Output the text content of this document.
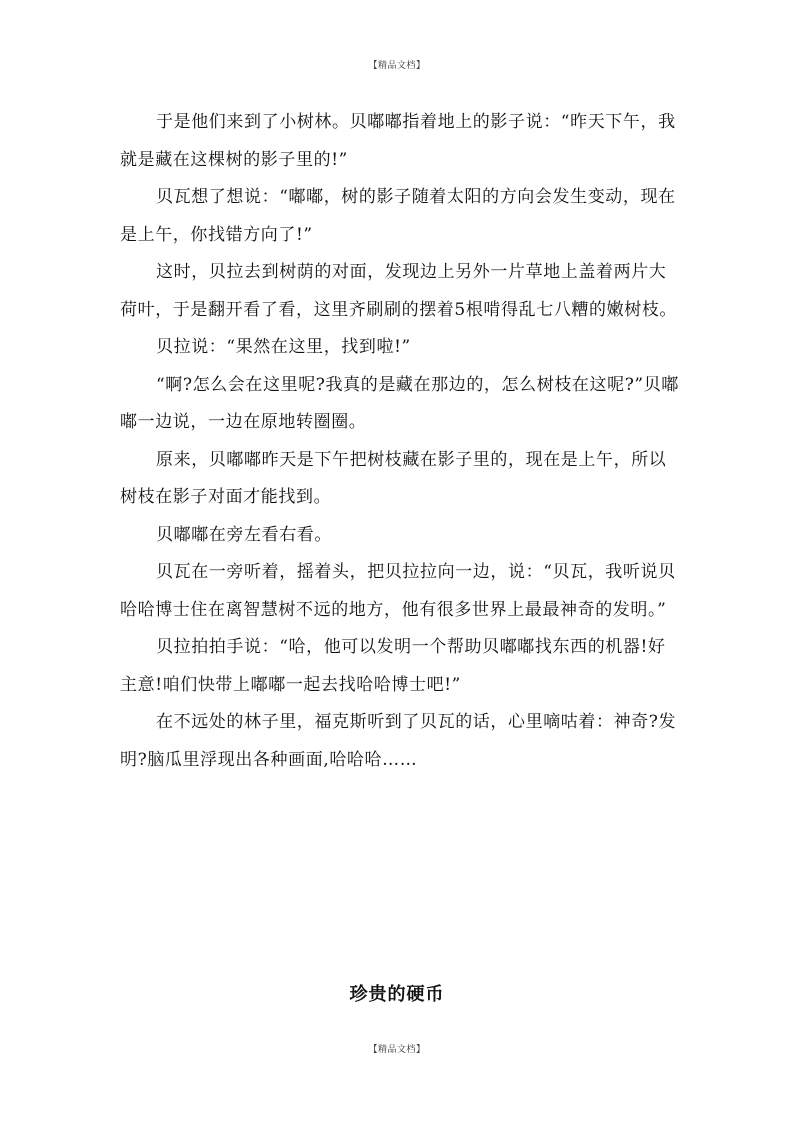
【精品文档】

于是他们来到了小树林。贝嘟嘟指着地上的影子说：“昨天下午，我就是藏在这棵树的影子里的!”

贝瓦想了想说：“嘟嘟，树的影子随着太阳的方向会发生变动，现在是上午，你找错方向了!”

这时，贝拉去到树荫的对面，发现边上另外一片草地上盖着两片大荷叶，于是翻开看了看，这里齐刷刷的摆着5根啃得乱七八糟的嫩树枝。

贝拉说：“果然在这里，找到啦!”

“啊?怎么会在这里呢?我真的是藏在那边的，怎么树枝在这呢?”贝嘟嘟一边说，一边在原地转圈圈。

原来，贝嘟嘟昨天是下午把树枝藏在影子里的，现在是上午，所以树枝在影子对面才能找到。

贝嘟嘟在旁左看右看。

贝瓦在一旁听着，摇着头，把贝拉拉向一边，说：“贝瓦，我听说贝哈哈博士住在离智慧树不远的地方，他有很多世界上最最神奇的发明。”

贝拉拍拍手说：“哈，他可以发明一个帮助贝嘟嘟找东西的机器!好主意!咱们快带上嘟嘟一起去找哈哈博士吧!”

在不远处的林子里，福克斯听到了贝瓦的话，心里嘀咕着：神奇?发明?脑瓜里浮现出各种画面,哈哈哈……

珍贵的硬币
【精品文档】
